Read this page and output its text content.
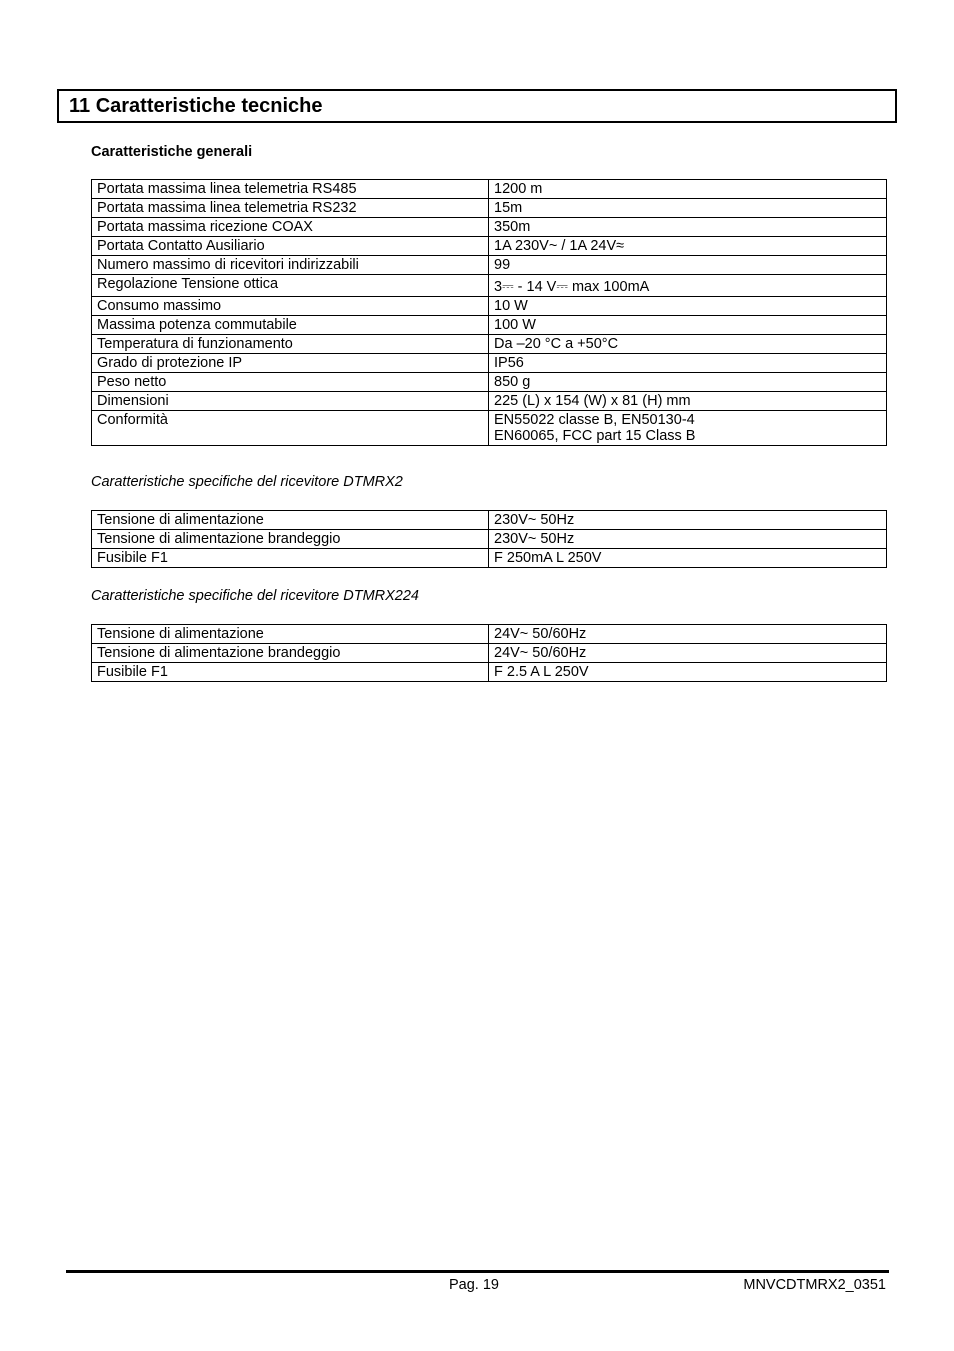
11 Caratteristiche tecniche
Caratteristiche generali
Portata massima linea telemetria RS485	1200 m
Portata massima linea telemetria RS232	15m
Portata massima ricezione COAX	350m
Portata Contatto Ausiliario	1A 230V~ / 1A 24V≈
Numero massimo di ricevitori indirizzabili	99
Regolazione Tensione ottica	3⎓ - 14 V⎓ max 100mA
Consumo massimo	10 W
Massima potenza commutabile	100 W
Temperatura di funzionamento	Da –20 °C a +50°C
Grado di protezione IP	IP56
Peso netto	850 g
Dimensioni	225 (L) x 154 (W) x 81 (H) mm
Conformità	EN55022 classe B, EN50130-4
EN60065, FCC part 15 Class B
Caratteristiche specifiche del ricevitore DTMRX2
Tensione di alimentazione	230V~ 50Hz
Tensione di alimentazione brandeggio	230V~ 50Hz
Fusibile F1	F 250mA L 250V
Caratteristiche specifiche del ricevitore DTMRX224
Tensione di alimentazione	24V~ 50/60Hz
Tensione di alimentazione brandeggio	24V~ 50/60Hz
Fusibile F1	F 2.5 A L 250V
Pag. 19	MNVCDTMRX2_0351
